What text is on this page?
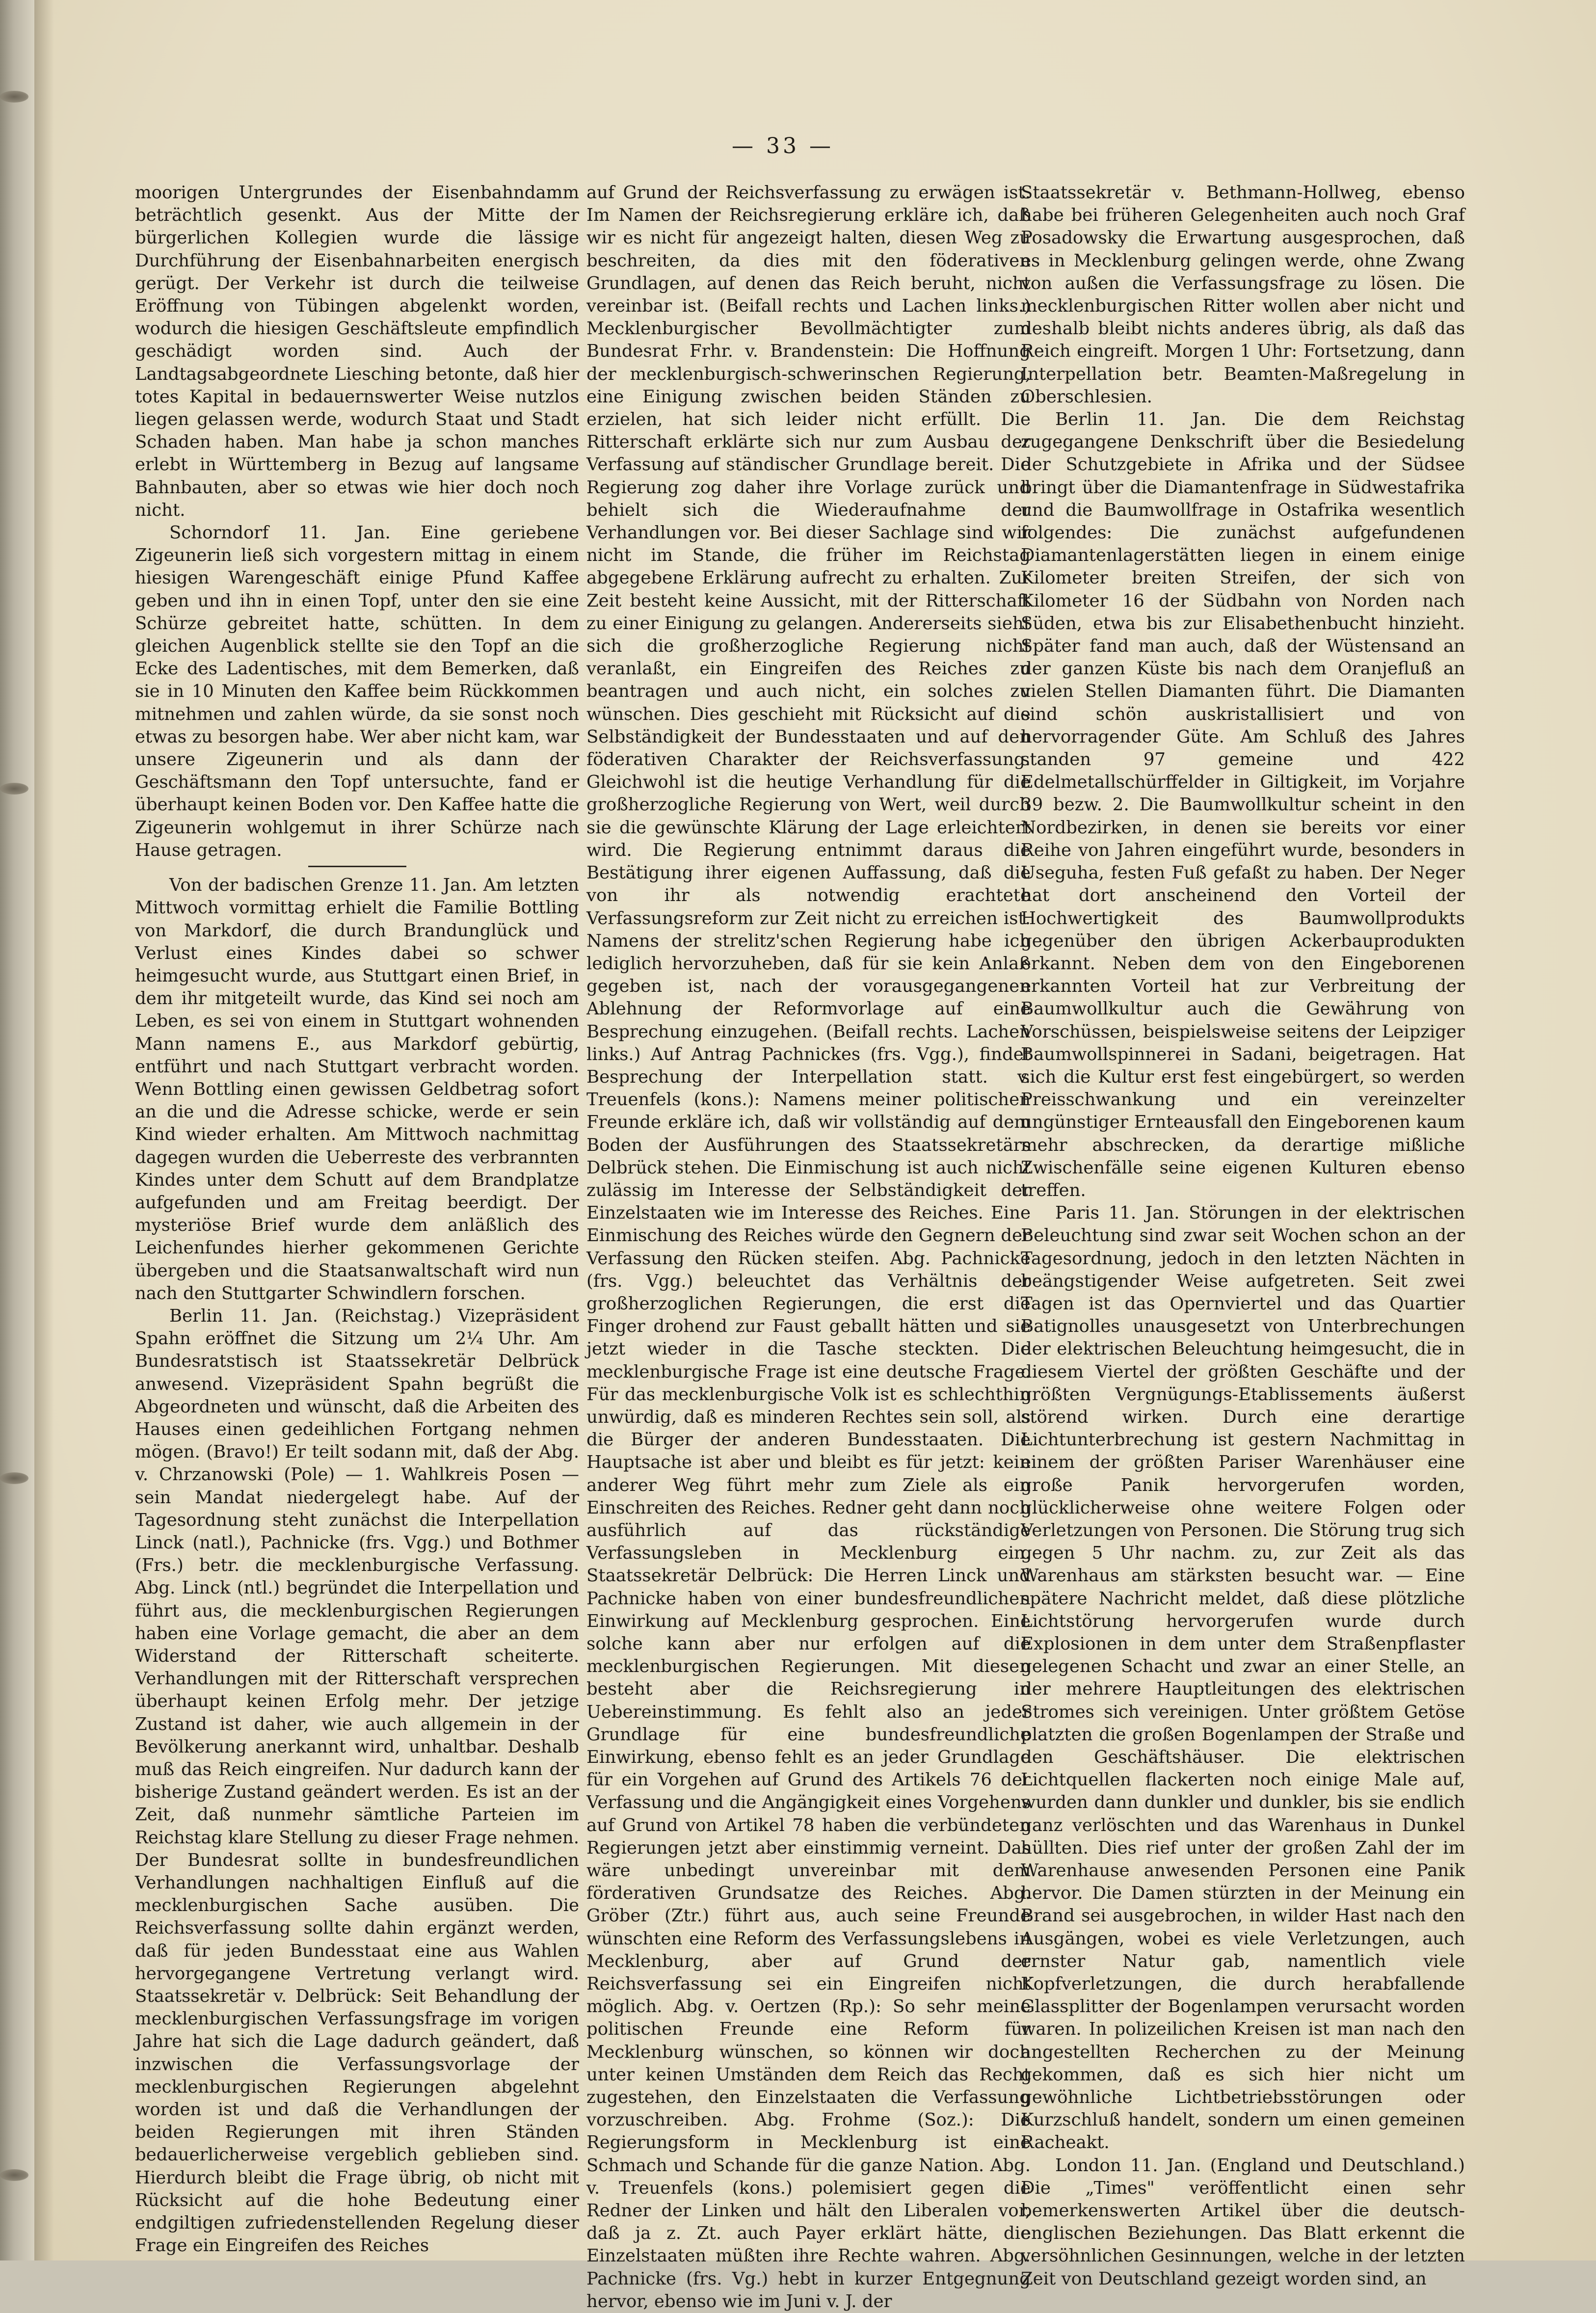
— 33 —

moorigen Untergrundes der Eisenbahndamm beträchtlich gesenkt. Aus der Mitte der bürgerlichen Kollegien wurde die lässige Durchführung der Eisenbahnarbeiten energisch gerügt. Der Verkehr ist durch die teilweise Eröffnung von Tübingen abgelenkt worden, wodurch die hiesigen Geschäftsleute empfindlich geschädigt worden sind. Auch der Landtagsabgeordnete Liesching betonte, daß hier totes Kapital in bedauernswerter Weise nutzlos liegen gelassen werde, wodurch Staat und Stadt Schaden haben. Man habe ja schon manches erlebt in Württemberg in Bezug auf langsame Bahnbauten, aber so etwas wie hier doch noch nicht.

Schorndorf 11. Jan. Eine geriebene Zigeunerin ließ sich vorgestern mittag in einem hiesigen Warengeschäft einige Pfund Kaffee geben und ihn in einen Topf, unter den sie eine Schürze gebreitet hatte, schütten. In dem gleichen Augenblick stellte sie den Topf an die Ecke des Ladentisches, mit dem Bemerken, daß sie in 10 Minuten den Kaffee beim Rückkommen mitnehmen und zahlen würde, da sie sonst noch etwas zu besorgen habe. Wer aber nicht kam, war unsere Zigeunerin und als dann der Geschäftsmann den Topf untersuchte, fand er überhaupt keinen Boden vor. Den Kaffee hatte die Zigeunerin wohlgemut in ihrer Schürze nach Hause getragen.

Von der badischen Grenze 11. Jan. Am letzten Mittwoch vormittag erhielt die Familie Bottling von Markdorf, die durch Brandunglück und Verlust eines Kindes dabei so schwer heimgesucht wurde, aus Stuttgart einen Brief, in dem ihr mitgeteilt wurde, das Kind sei noch am Leben, es sei von einem in Stuttgart wohnenden Mann namens E., aus Markdorf gebürtig, entführt und nach Stuttgart verbracht worden. Wenn Bottling einen gewissen Geldbetrag sofort an die und die Adresse schicke, werde er sein Kind wieder erhalten. Am Mittwoch nachmittag dagegen wurden die Ueberreste des verbrannten Kindes unter dem Schutt auf dem Brandplatze aufgefunden und am Freitag beerdigt. Der mysteriöse Brief wurde dem anläßlich des Leichenfundes hierher gekommenen Gerichte übergeben und die Staatsanwaltschaft wird nun nach den Stuttgarter Schwindlern forschen.

Berlin 11. Jan. (Reichstag.) Vizepräsident Spahn eröffnet die Sitzung um 2¼ Uhr. Am Bundesratstisch ist Staatssekretär Delbrück anwesend. Vizepräsident Spahn begrüßt die Abgeordneten und wünscht, daß die Arbeiten des Hauses einen gedeihlichen Fortgang nehmen mögen. (Bravo!) Er teilt sodann mit, daß der Abg. v. Chrzanowski (Pole) — 1. Wahlkreis Posen — sein Mandat niedergelegt habe. Auf der Tagesordnung steht zunächst die Interpellation Linck (natl.), Pachnicke (frs. Vgg.) und Bothmer (Frs.) betr. die mecklenburgische Verfassung. Abg. Linck (ntl.) begründet die Interpellation und führt aus, die mecklenburgischen Regierungen haben eine Vorlage gemacht, die aber an dem Widerstand der Ritterschaft scheiterte. Verhandlungen mit der Ritterschaft versprechen überhaupt keinen Erfolg mehr. Der jetzige Zustand ist daher, wie auch allgemein in der Bevölkerung anerkannt wird, unhaltbar. Deshalb muß das Reich eingreifen. Nur dadurch kann der bisherige Zustand geändert werden. Es ist an der Zeit, daß nunmehr sämtliche Parteien im Reichstag klare Stellung zu dieser Frage nehmen. Der Bundesrat sollte in bundesfreundlichen Verhandlungen nachhaltigen Einfluß auf die mecklenburgischen Sache ausüben. Die Reichsverfassung sollte dahin ergänzt werden, daß für jeden Bundesstaat eine aus Wahlen hervorgegangene Vertretung verlangt wird. Staatssekretär v. Delbrück: Seit Behandlung der mecklenburgischen Verfassungsfrage im vorigen Jahre hat sich die Lage dadurch geändert, daß inzwischen die Verfassungsvorlage der mecklenburgischen Regierungen abgelehnt worden ist und daß die Verhandlungen der beiden Regierungen mit ihren Ständen bedauerlicherweise vergeblich geblieben sind. Hierdurch bleibt die Frage übrig, ob nicht mit Rücksicht auf die hohe Bedeutung einer endgiltigen zufriedenstellenden Regelung dieser Frage ein Eingreifen des Reiches

auf Grund der Reichsverfassung zu erwägen ist. Im Namen der Reichsregierung erkläre ich, daß wir es nicht für angezeigt halten, diesen Weg zu beschreiten, da dies mit den föderativen Grundlagen, auf denen das Reich beruht, nicht vereinbar ist. (Beifall rechts und Lachen links.) Mecklenburgischer Bevollmächtigter zum Bundesrat Frhr. v. Brandenstein: Die Hoffnung der mecklenburgisch-schwerinschen Regierung, eine Einigung zwischen beiden Ständen zu erzielen, hat sich leider nicht erfüllt. Die Ritterschaft erklärte sich nur zum Ausbau der Verfassung auf ständischer Grundlage bereit. Die Regierung zog daher ihre Vorlage zurück und behielt sich die Wiederaufnahme der Verhandlungen vor. Bei dieser Sachlage sind wir nicht im Stande, die früher im Reichstag abgegebene Erklärung aufrecht zu erhalten. Zur Zeit besteht keine Aussicht, mit der Ritterschaft zu einer Einigung zu gelangen. Andererseits sieht sich die großherzogliche Regierung nicht veranlaßt, ein Eingreifen des Reiches zu beantragen und auch nicht, ein solches zu wünschen. Dies geschieht mit Rücksicht auf die Selbständigkeit der Bundesstaaten und auf den föderativen Charakter der Reichsverfassung. Gleichwohl ist die heutige Verhandlung für die großherzogliche Regierung von Wert, weil durch sie die gewünschte Klärung der Lage erleichtert wird. Die Regierung entnimmt daraus die Bestätigung ihrer eigenen Auffassung, daß die von ihr als notwendig erachtete Verfassungsreform zur Zeit nicht zu erreichen ist. Namens der strelitz'schen Regierung habe ich lediglich hervorzuheben, daß für sie kein Anlaß gegeben ist, nach der vorausgegangenen Ablehnung der Reformvorlage auf eine Besprechung einzugehen. (Beifall rechts. Lachen links.) Auf Antrag Pachnickes (frs. Vgg.), findet Besprechung der Interpellation statt. v. Treuenfels (kons.): Namens meiner politischen Freunde erkläre ich, daß wir vollständig auf dem Boden der Ausführungen des Staatssekretärs Delbrück stehen. Die Einmischung ist auch nicht zulässig im Interesse der Selbständigkeit der Einzelstaaten wie im Interesse des Reiches. Eine Einmischung des Reiches würde den Gegnern der Verfassung den Rücken steifen. Abg. Pachnicke (frs. Vgg.) beleuchtet das Verhältnis der großherzoglichen Regierungen, die erst die Finger drohend zur Faust geballt hätten und sie jetzt wieder in die Tasche steckten. Die mecklenburgische Frage ist eine deutsche Frage. Für das mecklenburgische Volk ist es schlechthin unwürdig, daß es minderen Rechtes sein soll, als die Bürger der anderen Bundesstaaten. Die Hauptsache ist aber und bleibt es für jetzt: kein anderer Weg führt mehr zum Ziele als ein Einschreiten des Reiches. Redner geht dann noch ausführlich auf das rückständige Verfassungsleben in Mecklenburg ein. Staatssekretär Delbrück: Die Herren Linck und Pachnicke haben von einer bundesfreundlichen Einwirkung auf Mecklenburg gesprochen. Eine solche kann aber nur erfolgen auf die mecklenburgischen Regierungen. Mit diesen besteht aber die Reichsregierung in Uebereinstimmung. Es fehlt also an jeder Grundlage für eine bundesfreundliche Einwirkung, ebenso fehlt es an jeder Grundlage für ein Vorgehen auf Grund des Artikels 76 der Verfassung und die Angängigkeit eines Vorgehens auf Grund von Artikel 78 haben die verbündeten Regierungen jetzt aber einstimmig verneint. Das wäre unbedingt unvereinbar mit dem förderativen Grundsatze des Reiches. Abg. Gröber (Ztr.) führt aus, auch seine Freunde wünschten eine Reform des Verfassungslebens in Mecklenburg, aber auf Grund der Reichsverfassung sei ein Eingreifen nicht möglich. Abg. v. Oertzen (Rp.): So sehr meine politischen Freunde eine Reform für Mecklenburg wünschen, so können wir doch unter keinen Umständen dem Reich das Recht zugestehen, den Einzelstaaten die Verfassung vorzuschreiben. Abg. Frohme (Soz.): Die Regierungsform in Mecklenburg ist eine Schmach und Schande für die ganze Nation. Abg. v. Treuenfels (kons.) polemisiert gegen die Redner der Linken und hält den Liberalen vor, daß ja z. Zt. auch Payer erklärt hätte, die Einzelstaaten müßten ihre Rechte wahren. Abg. Pachnicke (frs. Vg.) hebt in kurzer Entgegnung hervor, ebenso wie im Juni v. J. der

Staatssekretär v. Bethmann-Hollweg, ebenso habe bei früheren Gelegenheiten auch noch Graf Posadowsky die Erwartung ausgesprochen, daß es in Mecklenburg gelingen werde, ohne Zwang von außen die Verfassungsfrage zu lösen. Die mecklenburgischen Ritter wollen aber nicht und deshalb bleibt nichts anderes übrig, als daß das Reich eingreift. Morgen 1 Uhr: Fortsetzung, dann Interpellation betr. Beamten-Maßregelung in Oberschlesien.

Berlin 11. Jan. Die dem Reichstag zugegangene Denkschrift über die Besiedelung der Schutzgebiete in Afrika und der Südsee bringt über die Diamantenfrage in Südwestafrika und die Baumwollfrage in Ostafrika wesentlich folgendes: Die zunächst aufgefundenen Diamantenlagerstätten liegen in einem einige Kilometer breiten Streifen, der sich von Kilometer 16 der Südbahn von Norden nach Süden, etwa bis zur Elisabethenbucht hinzieht. Später fand man auch, daß der Wüstensand an der ganzen Küste bis nach dem Oranjefluß an vielen Stellen Diamanten führt. Die Diamanten sind schön auskristallisiert und von hervorragender Güte. Am Schluß des Jahres standen 97 gemeine und 422 Edelmetallschürffelder in Giltigkeit, im Vorjahre 39 bezw. 2. Die Baumwollkultur scheint in den Nordbezirken, in denen sie bereits vor einer Reihe von Jahren eingeführt wurde, besonders in Useguha, festen Fuß gefaßt zu haben. Der Neger hat dort anscheinend den Vorteil der Hochwertigkeit des Baumwollprodukts gegenüber den übrigen Ackerbauprodukten erkannt. Neben dem von den Eingeborenen erkannten Vorteil hat zur Verbreitung der Baumwollkultur auch die Gewährung von Vorschüssen, beispielsweise seitens der Leipziger Baumwollspinnerei in Sadani, beigetragen. Hat sich die Kultur erst fest eingebürgert, so werden Preisschwankung und ein vereinzelter ungünstiger Ernteausfall den Eingeborenen kaum mehr abschrecken, da derartige mißliche Zwischenfälle seine eigenen Kulturen ebenso treffen.

Paris 11. Jan. Störungen in der elektrischen Beleuchtung sind zwar seit Wochen schon an der Tagesordnung, jedoch in den letzten Nächten in beängstigender Weise aufgetreten. Seit zwei Tagen ist das Opernviertel und das Quartier Batignolles unausgesetzt von Unterbrechungen der elektrischen Beleuchtung heimgesucht, die in diesem Viertel der größten Geschäfte und der größten Vergnügungs-Etablissements äußerst störend wirken. Durch eine derartige Lichtunterbrechung ist gestern Nachmittag in einem der größten Pariser Warenhäuser eine große Panik hervorgerufen worden, glücklicherweise ohne weitere Folgen oder Verletzungen von Personen. Die Störung trug sich gegen 5 Uhr nachm. zu, zur Zeit als das Warenhaus am stärksten besucht war. — Eine spätere Nachricht meldet, daß diese plötzliche Lichtstörung hervorgerufen wurde durch Explosionen in dem unter dem Straßenpflaster gelegenen Schacht und zwar an einer Stelle, an der mehrere Hauptleitungen des elektrischen Stromes sich vereinigen. Unter größtem Getöse platzten die großen Bogenlampen der Straße und den Geschäftshäuser. Die elektrischen Lichtquellen flackerten noch einige Male auf, wurden dann dunkler und dunkler, bis sie endlich ganz verlöschten und das Warenhaus in Dunkel hüllten. Dies rief unter der großen Zahl der im Warenhause anwesenden Personen eine Panik hervor. Die Damen stürzten in der Meinung ein Brand sei ausgebrochen, in wilder Hast nach den Ausgängen, wobei es viele Verletzungen, auch ernster Natur gab, namentlich viele Kopfverletzungen, die durch herabfallende Glassplitter der Bogenlampen verursacht worden waren. In polizeilichen Kreisen ist man nach den angestellten Recherchen zu der Meinung gekommen, daß es sich hier nicht um gewöhnliche Lichtbetriebsstörungen oder Kurzschluß handelt, sondern um einen gemeinen Racheakt.

London 11. Jan. (England und Deutschland.) Die „Times" veröffentlicht einen sehr bemerkenswerten Artikel über die deutsch-englischen Beziehungen. Das Blatt erkennt die versöhnlichen Gesinnungen, welche in der letzten Zeit von Deutschland gezeigt worden sind, an
